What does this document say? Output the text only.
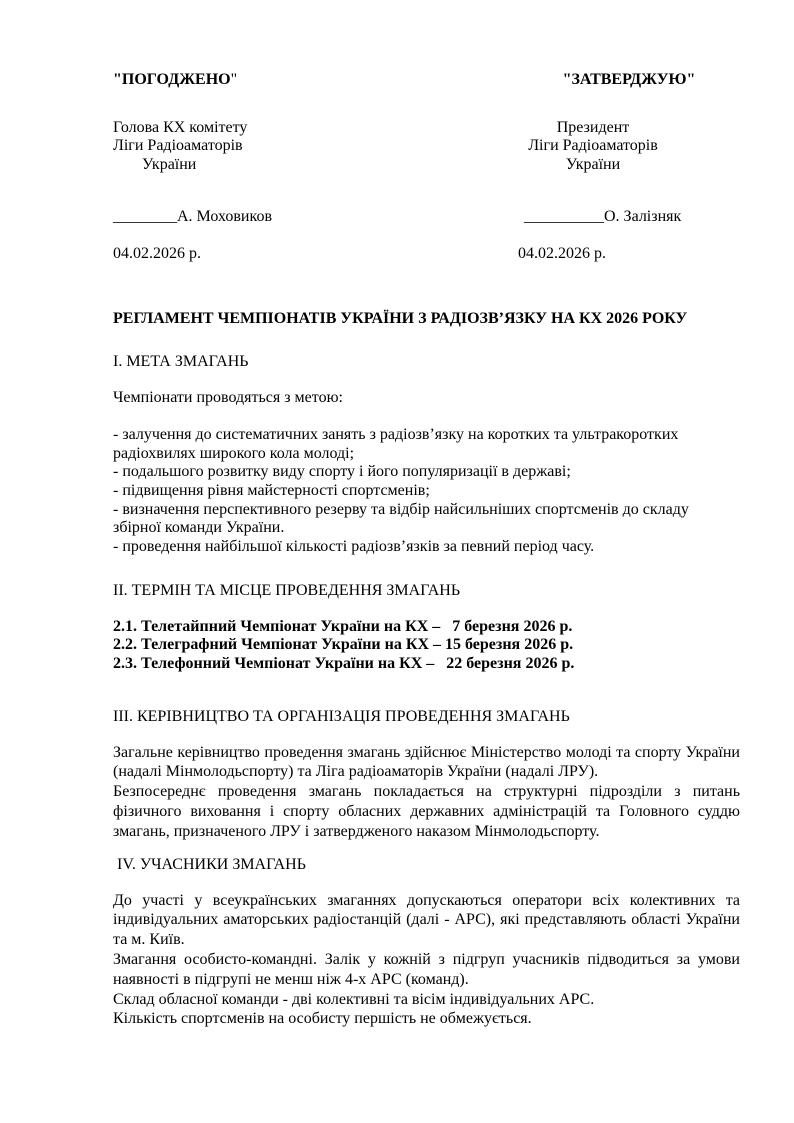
"ПОГОДЖЕНО"
Голова КХ комітету
Ліги Радіоаматорів
України
________А. Моховиков
04.02.2026 р.
"ЗАТВЕРДЖУЮ"
Президент
Ліги Радіоаматорів
України
__________О. Залізняк
04.02.2026 р.
РЕГЛАМЕНТ ЧЕМПІОНАТІВ УКРАЇНИ З РАДІОЗВ’ЯЗКУ НА КХ 2026 РОКУ
І. МЕТА ЗМАГАНЬ

Чемпіонати проводяться з метою:

- залучення до систематичних занять з радіозв’язку на коротких та ультракоротких радіохвилях широкого кола молоді;
- подальшого розвитку виду спорту і його популяризації в державі;
- підвищення рівня майстерності спортсменів;
- визначення перспективного резерву та відбір найсильніших спортсменів до складу збірної команди України.
- проведення найбільшої кількості радіозв’язків за певний період часу.
ІІ. ТЕРМІН ТА МІСЦЕ ПРОВЕДЕННЯ ЗМАГАНЬ
2.1. Телетайпний Чемпіонат України на КХ –   7 березня 2026 р.
2.2. Телеграфний Чемпіонат України на КХ – 15 березня 2026 р.
2.3. Телефонний Чемпіонат України на КХ –   22 березня 2026 р.
ІІІ. КЕРІВНИЦТВО ТА ОРГАНІЗАЦІЯ ПРОВЕДЕННЯ ЗМАГАНЬ

Загальне керівництво проведення змагань здійснює Міністерство молоді та спорту України (надалі Мінмолодьспорту) та Ліга радіоаматорів України (надалі ЛРУ).

Безпосереднє проведення змагань покладається на структурні підрозділи з питань фізичного виховання і спорту обласних державних адміністрацій та Головного суддю змагань, призначеного ЛРУ і затвердженого наказом Мінмолодьспорту.

IV. УЧАСНИКИ ЗМАГАНЬ

До участі у всеукраїнських змаганнях допускаються оператори всіх колективних та індивідуальних аматорських радіостанцій (далі - АРС), які представляють області України та м. Київ.

Змагання особисто-командні. Залік у кожній з підгруп учасників підводиться за умови наявності в підгрупі не менш ніж 4-х АРС (команд).

Склад обласної команди - дві колективні та вісім індивідуальних АРС.

Кількість спортсменів на особисту першість не обмежується.
